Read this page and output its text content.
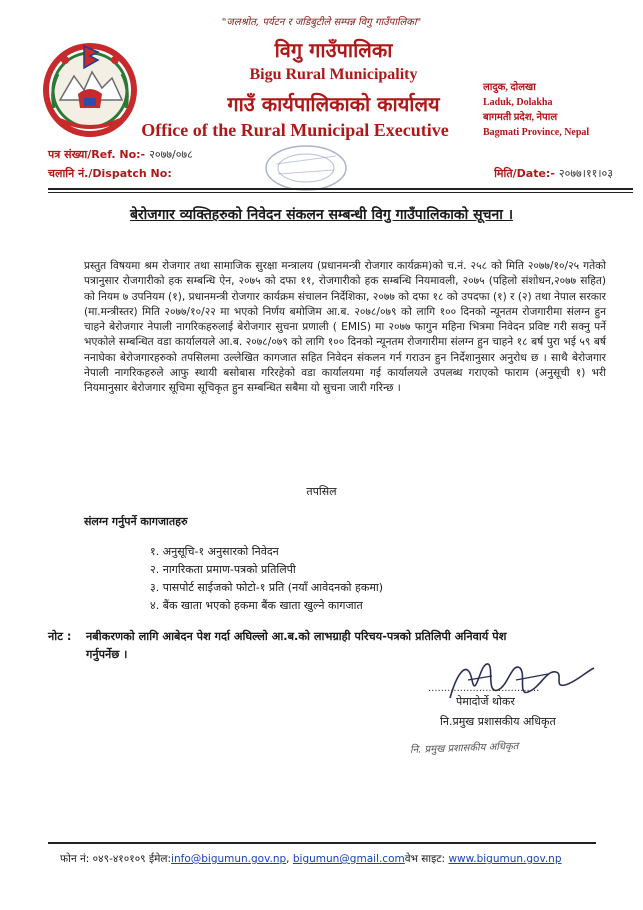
"जलश्रोत, पर्यटन र जडिबुटीले सम्पन्न विगु गाउँपालिका"
विगु गाउँपालिका
Bigu Rural Municipality
गाउँ कार्यपालिकाको कार्यालय
Office of the Rural Municipal Executive
लादुक, दोलखा
Laduk, Dolakha
बागमती प्रदेश, नेपाल
Bagmati Province, Nepal
पत्र संख्या/Ref. No:- २०७७/०७८
चलानि नं./Dispatch No:	मिति/Date:- २०७७।११।०३
बेरोजगार व्यक्तिहरुको निवेदन संकलन सम्बन्धी विगु गाउँपालिकाको सूचना ।
प्रस्तुत विषयमा श्रम रोजगार तथा सामाजिक सुरक्षा मन्त्रालय (प्रधानमन्त्री रोजगार कार्यक्रम)को च.नं. २५८ को मिति २०७७/१०/२५ गतेको पत्रानुसार रोजगारीको हक सम्बन्धि ऐन, २०७५ को दफा ११, रोजगारीको हक सम्बन्धि नियमावली, २०७५ (पहिलो संशोधन,२०७७ सहित) को नियम ७ उपनियम (१), प्रधानमन्त्री रोजगार कार्यक्रम संचालन निर्देशिका, २०७७ को दफा १८ को उपदफा (१) र (२) तथा नेपाल सरकार (मा.मन्त्रीस्तर) मिति २०७७/१०/२२ मा भएको निर्णय बमोजिम आ.ब. २०७८/०७९ को लागि १०० दिनको न्यूनतम रोजगारीमा संलग्न हुन चाहने बेरोजगार नेपाली नागरिकहरुलाई बेरोजगार सुचना प्रणाली ( EMIS) मा २०७७ फागुन महिना भित्रमा निवेदन प्रविष्ट गरी सक्नु पर्ने भएकोले सम्बन्धित वडा कार्यालयले आ.ब. २०७८/०७९ को लागि १०० दिनको न्यूनतम रोजगारीमा संलग्न हुन चाहने १८ बर्ष पुरा भई ५९ बर्ष ननाघेका बेरोजगारहरुको तपसिलमा उल्लेखित कागजात सहित निवेदन संकलन गर्न गराउन हुन निर्देशानुसार अनुरोध छ । साथै बेरोजगार नेपाली नागरिकहरुले आफु स्थायी बसोबास गरिरहेको वडा कार्यालयमा गई कार्यालयले उपलब्ध गराएको फाराम (अनुसूची १) भरी नियमानुसार बेरोजगार सूचिमा सूचिकृत हुन सम्बन्धित सबैमा यो सुचना जारी गरिन्छ ।
तपसिल
संलग्न गर्नुपर्ने कागजातहरु
१. अनुसूचि-१ अनुसारको निवेदन
२. नागरिकता प्रमाण-पत्रको प्रतिलिपी
३. पासपोर्ट साईजको फोटो-१ प्रति (नयाँ आवेदनको हकमा)
४. बैंक खाता भएको हकमा बैंक खाता खुल्ने कागजात
नोट : नबीकरणको लागि आबेदन पेश गर्दा अघिल्लो आ.ब.को लाभग्राही परिचय-पत्रको प्रतिलिपी अनिवार्य पेश
गर्नुपर्नेछ ।
...................................
पेमादोर्जे थोकर
नि.प्रमुख प्रशासकीय अधिकृत
नि. प्रमुख प्रशासकीय अधिकृत
फोन नं: ०४९-४१०१०९ ईमेल:info@bigumun.gov.np, bigumun@gmail.comवेभ साइट: www.bigumun.gov.np
